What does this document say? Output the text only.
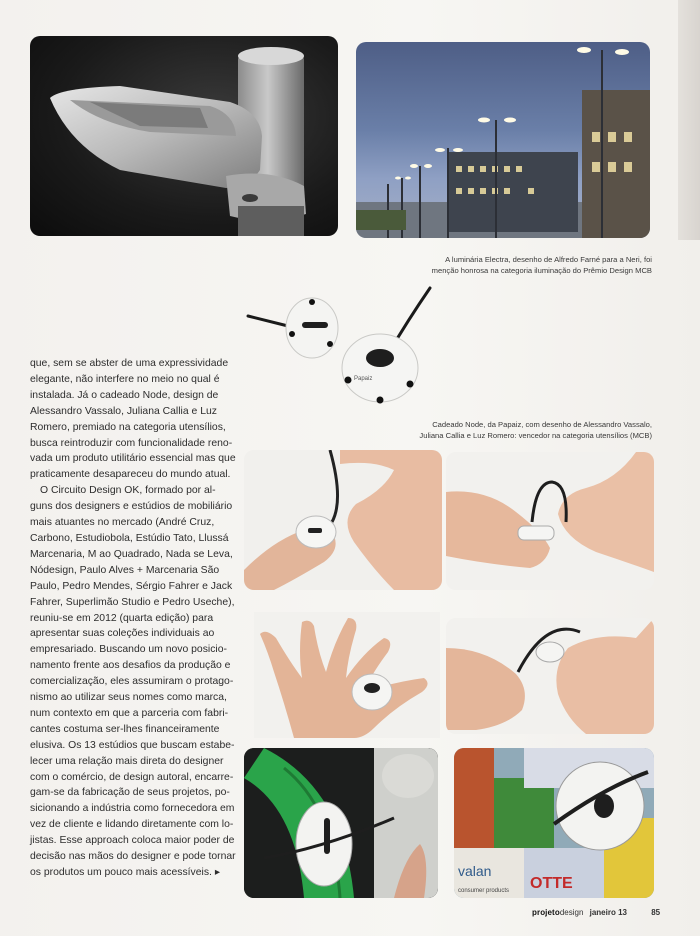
A luminária Electra, desenho de Alfredo Farné para a Neri, foi
menção honrosa na categoria iluminação do Prêmio Design MCB
Papaiz
Cadeado Node, da Papaiz, com desenho de Alessandro Vassalo,
Juliana Callia e Luz Romero: vencedor na categoria utensílios (MCB)
que, sem se abster de uma expressividade
elegante, não interfere no meio no qual é
instalada. Já o cadeado Node, design de
Alessandro Vassalo, Juliana Callia e Luz
Romero, premiado na categoria utensílios,
busca reintroduzir com funcionalidade reno-
vada um produto utilitário essencial mas que
praticamente desapareceu do mundo atual.
O Circuito Design OK, formado por al-
guns dos designers e estúdios de mobiliário
mais atuantes no mercado (André Cruz,
Carbono, Estudiobola, Estúdio Tato, Llussá
Marcenaria, M ao Quadrado, Nada se Leva,
Nódesign, Paulo Alves + Marcenaria São
Paulo, Pedro Mendes, Sérgio Fahrer e Jack
Fahrer, Superlimão Studio e Pedro Useche),
reuniu-se em 2012 (quarta edição) para
apresentar suas coleções individuais ao
empresariado. Buscando um novo posicio-
namento frente aos desafios da produção e
comercialização, eles assumiram o protago-
nismo ao utilizar seus nomes como marca,
num contexto em que a parceria com fabri-
cantes costuma ser-lhes financeiramente
elusiva. Os 13 estúdios que buscam estabe-
lecer uma relação mais direta do designer
com o comércio, de design autoral, encarre-
gam-se da fabricação de seus projetos, po-
sicionando a indústria como fornecedora em
vez de cliente e lidando diretamente com lo-
jistas. Esse approach coloca maior poder de
decisão nas mãos do designer e pode tornar
os produtos um pouco mais acessíveis. ▸	valan
consumer products OTTE
projetodesign janeiro 13	85
